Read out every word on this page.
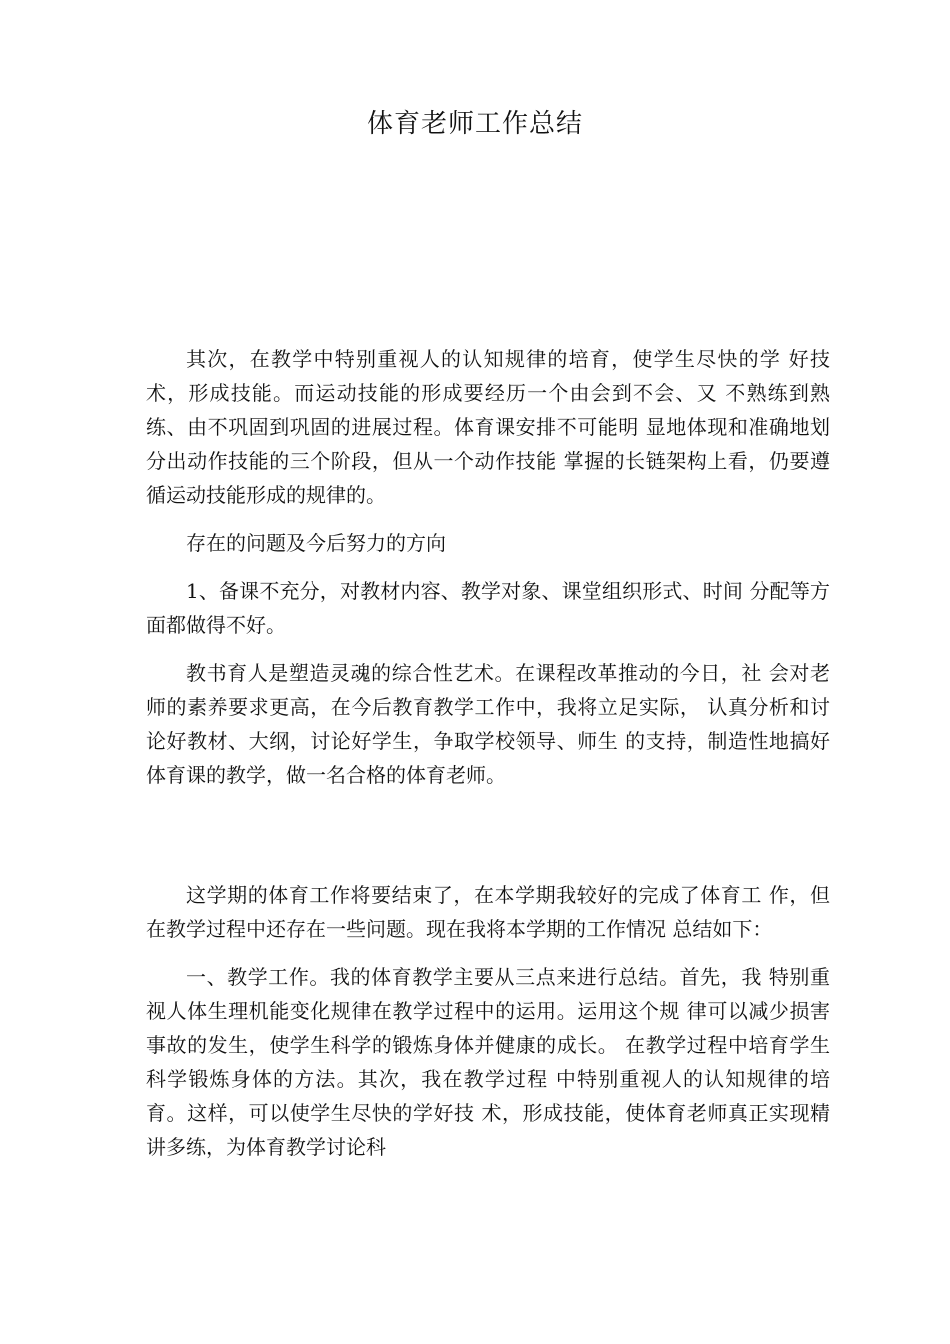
体育老师工作总结

其次，在教学中特别重视人的认知规律的培育，使学生尽快的学 好技术，形成技能。而运动技能的形成要经历一个由会到不会、又 不熟练到熟练、由不巩固到巩固的进展过程。体育课安排不可能明 显地体现和准确地划分出动作技能的三个阶段，但从一个动作技能 掌握的长链架构上看，仍要遵循运动技能形成的规律的。

存在的问题及今后努力的方向

1、备课不充分，对教材内容、教学对象、课堂组织形式、时间 分配等方面都做得不好。

教书育人是塑造灵魂的综合性艺术。在课程改革推动的今日，社 会对老师的素养要求更高，在今后教育教学工作中，我将立足实际， 认真分析和讨论好教材、大纲，讨论好学生，争取学校领导、师生 的支持，制造性地搞好体育课的教学，做一名合格的体育老师。

这学期的体育工作将要结束了，在本学期我较好的完成了体育工 作，但在教学过程中还存在一些问题。现在我将本学期的工作情况 总结如下：

一、教学工作。我的体育教学主要从三点来进行总结。首先，我 特别重视人体生理机能变化规律在教学过程中的运用。运用这个规 律可以减少损害事故的发生，使学生科学的锻炼身体并健康的成长。 在教学过程中培育学生科学锻炼身体的方法。其次，我在教学过程 中特别重视人的认知规律的培育。这样，可以使学生尽快的学好技 术，形成技能，使体育老师真正实现精讲多练，为体育教学讨论科
